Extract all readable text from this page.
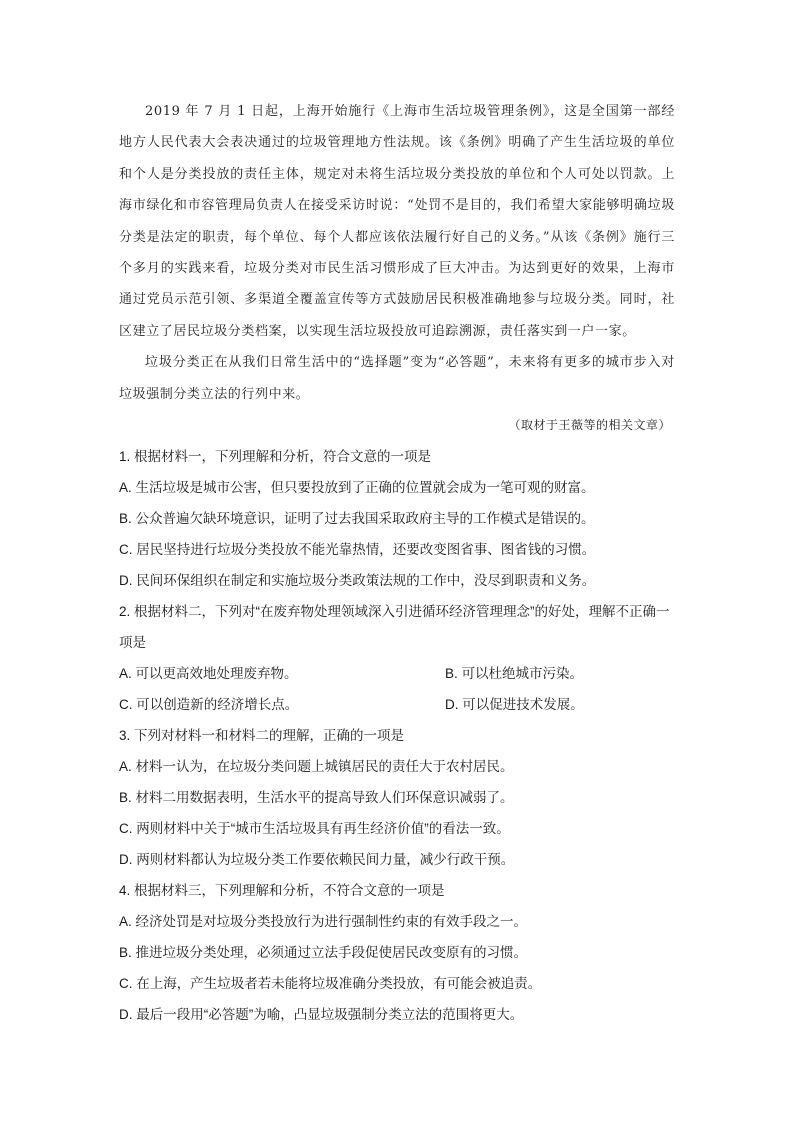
2019 年 7 月 1 日起，上海开始施行《上海市生活垃圾管理条例》，这是全国第一部经地方人民代表大会表决通过的垃圾管理地方性法规。该《条例》明确了产生生活垃圾的单位和个人是分类投放的责任主体，规定对未将生活垃圾分类投放的单位和个人可处以罚款。上海市绿化和市容管理局负责人在接受采访时说：“处罚不是目的，我们希望大家能够明确垃圾分类是法定的职责，每个单位、每个人都应该依法履行好自己的义务。”从该《条例》施行三个多月的实践来看，垃圾分类对市民生活习惯形成了巨大冲击。为达到更好的效果，上海市通过党员示范引领、多渠道全覆盖宣传等方式鼓励居民积极准确地参与垃圾分类。同时，社区建立了居民垃圾分类档案，以实现生活垃圾投放可追踪溯源，责任落实到一户一家。

垃圾分类正在从我们日常生活中的“选择题”变为“必答题”，未来将有更多的城市步入对垃圾强制分类立法的行列中来。

（取材于王薇等的相关文章）

1. 根据材料一，下列理解和分析，符合文意的一项是

A. 生活垃圾是城市公害，但只要投放到了正确的位置就会成为一笔可观的财富。

B. 公众普遍欠缺环境意识，证明了过去我国采取政府主导的工作模式是错误的。

C. 居民坚持进行垃圾分类投放不能光靠热情，还要改变图省事、图省钱的习惯。

D. 民间环保组织在制定和实施垃圾分类政策法规的工作中，没尽到职责和义务。

2. 根据材料二，下列对“在废弃物处理领域深入引进循环经济管理理念”的好处，理解不正确一项是

A. 可以更高效地处理废弃物。	B. 可以杜绝城市污染。

C. 可以创造新的经济增长点。	D. 可以促进技术发展。

3. 下列对材料一和材料二的理解，正确的一项是

A. 材料一认为，在垃圾分类问题上城镇居民的责任大于农村居民。

B. 材料二用数据表明，生活水平的提高导致人们环保意识减弱了。

C. 两则材料中关于“城市生活垃圾具有再生经济价值”的看法一致。

D. 两则材料都认为垃圾分类工作要依赖民间力量，减少行政干预。

4. 根据材料三，下列理解和分析，不符合文意的一项是

A. 经济处罚是对垃圾分类投放行为进行强制性约束的有效手段之一。

B. 推进垃圾分类处理，必须通过立法手段促使居民改变原有的习惯。

C. 在上海，产生垃圾者若未能将垃圾准确分类投放，有可能会被追责。

D. 最后一段用“必答题”为喻，凸显垃圾强制分类立法的范围将更大。
